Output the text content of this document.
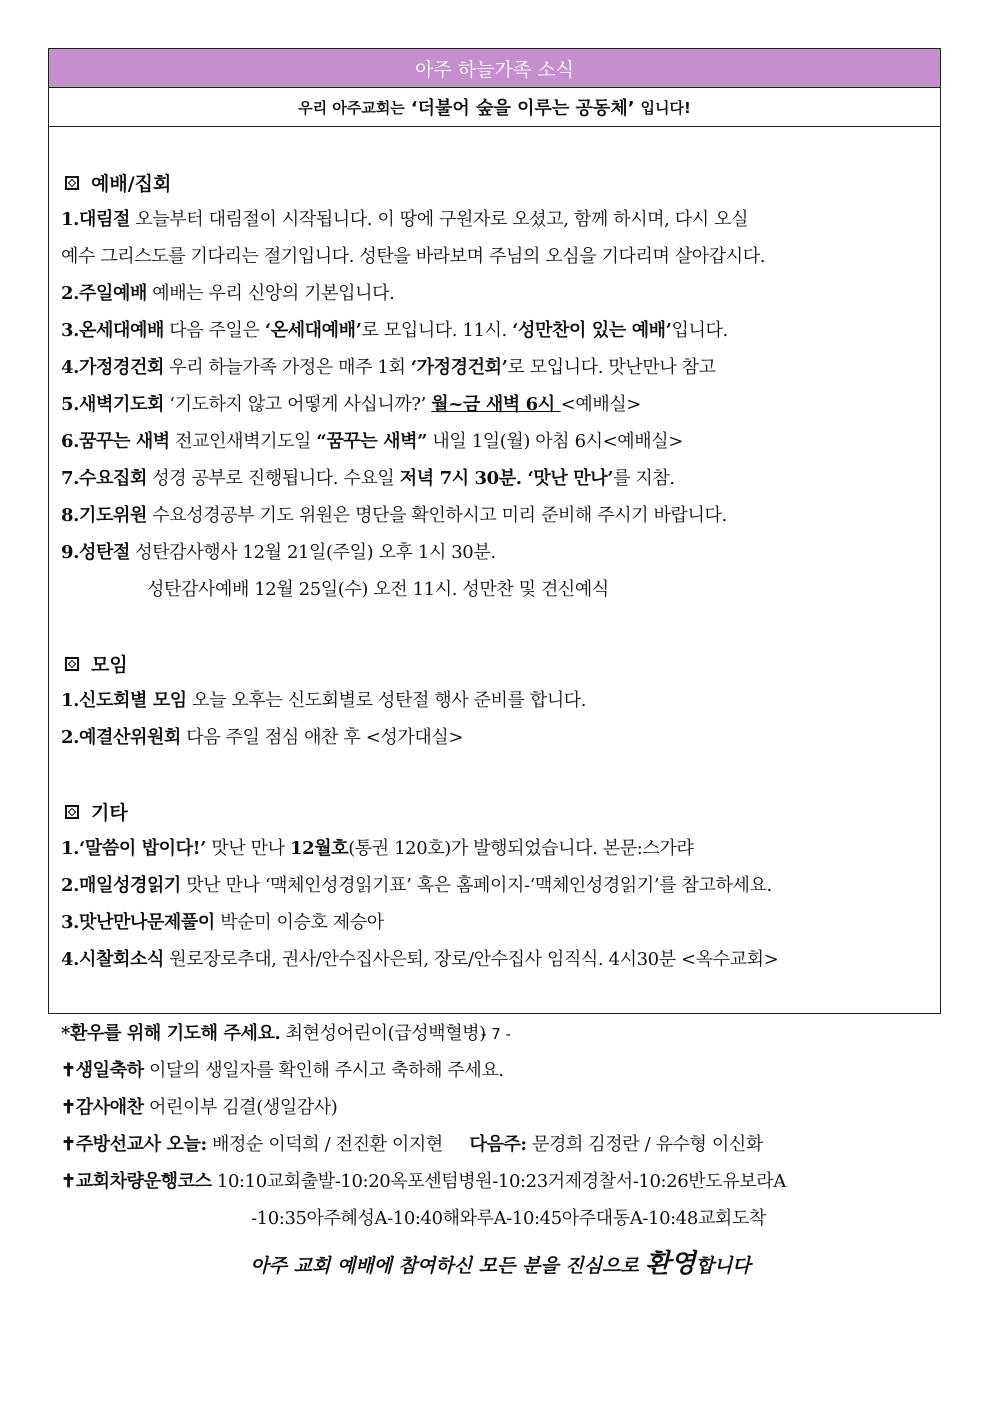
아주 하늘가족 소식
우리 아주교회는 ‘더불어 숲을 이루는 공동체’ 입니다!
예배/집회
1.대림절 오늘부터 대림절이 시작됩니다. 이 땅에 구원자로 오셨고, 함께 하시며, 다시 오실
예수 그리스도를 기다리는 절기입니다. 성탄을 바라보며 주님의 오심을 기다리며 살아갑시다.
2.주일예배 예배는 우리 신앙의 기본입니다.
3.온세대예배 다음 주일은 ‘온세대예배’로 모입니다. 11시. ‘성만찬이 있는 예배’입니다.
4.가정경건회 우리 하늘가족 가정은 매주 1회 ‘가정경건회’로 모입니다. 맛난만나 참고
5.새벽기도회 ‘기도하지 않고 어떻게 사십니까?’ 월~금 새벽 6시 <예배실>
6.꿈꾸는 새벽 전교인새벽기도일 “꿈꾸는 새벽” 내일 1일(월) 아침 6시<예배실>
7.수요집회 성경 공부로 진행됩니다. 수요일 저녁 7시 30분. ‘맛난 만나’를 지참.
8.기도위원 수요성경공부 기도 위원은 명단을 확인하시고 미리 준비해 주시기 바랍니다.
9.성탄절 성탄감사행사 12월 21일(주일) 오후 1시 30분.
성탄감사예배 12월 25일(수) 오전 11시. 성만찬 및 견신예식
모임
1.신도회별 모임 오늘 오후는 신도회별로 성탄절 행사 준비를 합니다.
2.예결산위원회 다음 주일 점심 애찬 후 <성가대실>
기타
1.‘말씀이 밥이다!’ 맛난 만나 12월호(통권 120호)가 발행되었습니다. 본문:스가랴
2.매일성경읽기 맛난 만나 ‘맥체인성경읽기표’ 혹은 홈페이지-‘맥체인성경읽기’를 참고하세요.
3.맛난만나문제풀이 박순미 이승호 제승아
4.시찰회소식 원로장로추대, 권사/안수집사은퇴, 장로/안수집사 임직식. 4시30분 <옥수교회>
*환우를 위해 기도해 주세요. 최현성어린이(급성백혈병)
✝생일축하 이달의 생일자를 확인해 주시고 축하해 주세요.
✝감사애찬 어린이부 김결(생일감사)
✝주방선교사 오늘: 배정순 이덕희 / 전진환 이지현     다음주: 문경희 김정란 / 유수형 이신화
✝교회차량운행코스 10:10교회출발-10:20옥포센텀병원-10:23거제경찰서-10:26반도유보라A
-10:35아주혜성A-10:40해와루A-10:45아주대동A-10:48교회도착
아주 교회 예배에 참여하신 모든 분을 진심으로 환영합니다
- 7 -
